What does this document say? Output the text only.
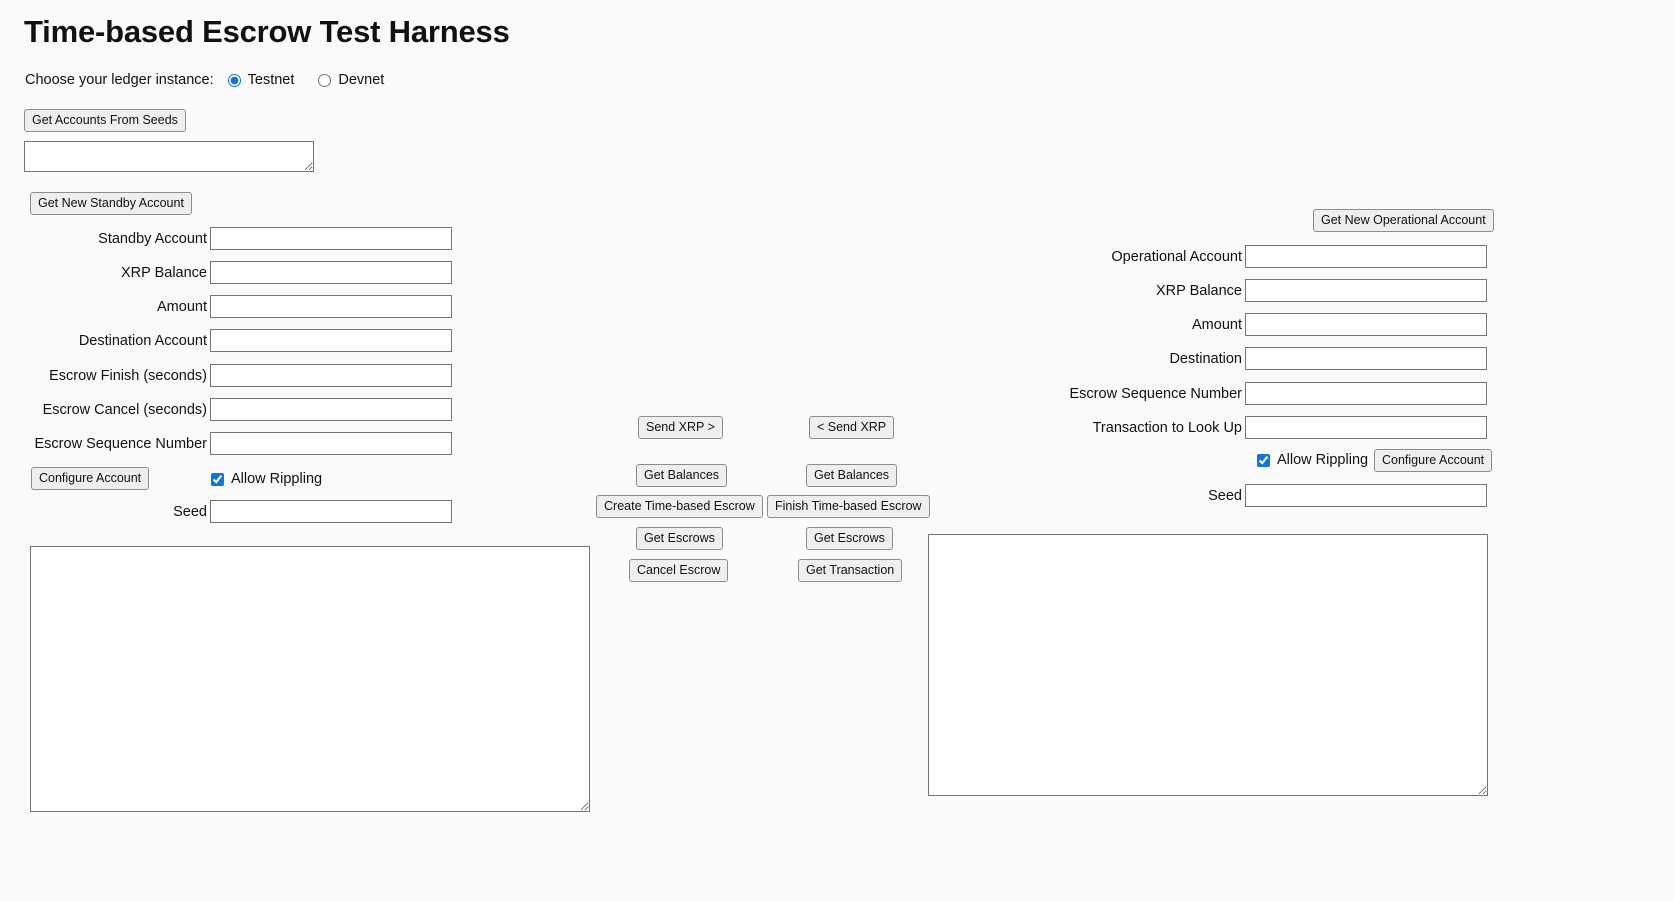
Time-based Escrow Test Harness
Choose your ledger instance: Testnet	Devnet
Get Accounts From Seeds
Get New Standby Account
Standby Account
XRP Balance
Amount
Destination Account
Escrow Finish (seconds)
Escrow Cancel (seconds)
Escrow Sequence Number
Configure Account	Allow Rippling
Seed
Send XRP >
Get Balances
Create Time-based Escrow
Get Escrows
Cancel Escrow
< Send XRP
Get Balances
Finish Time-based Escrow
Get Escrows
Get Transaction
Get New Operational Account
Operational Account
XRP Balance
Amount
Destination
Escrow Sequence Number
Transaction to Look Up
Allow Rippling	Configure Account
Seed
